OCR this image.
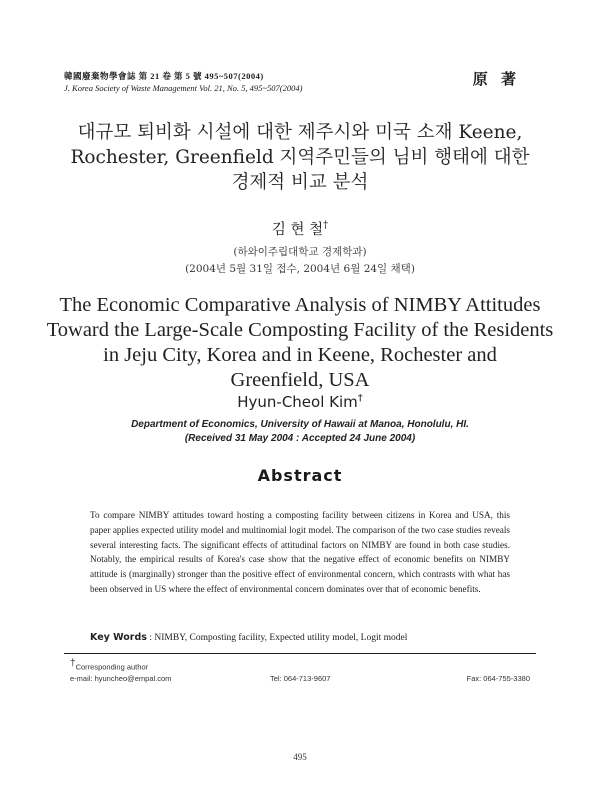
韓國廢棄物學會誌 第 21 卷 第 5 號 495~507(2004)
J. Korea Society of Waste Management Vol. 21, No. 5, 495~507(2004)	原 著
대규모 퇴비화 시설에 대한 제주시와 미국 소재 Keene,
Rochester, Greenfield 지역주민들의 님비 행태에 대한
경제적 비교 분석
김 현 철†
(하와이주립대학교 경제학과)
(2004년 5월 31일 접수, 2004년 6월 24일 채택)
The Economic Comparative Analysis of NIMBY Attitudes
Toward the Large-Scale Composting Facility of the Residents
in Jeju City, Korea and in Keene, Rochester and
Greenfield, USA
Hyun-Cheol Kim†
Department of Economics, University of Hawaii at Manoa, Honolulu, HI.
(Received 31 May 2004 : Accepted 24 June 2004)
Abstract
To compare NIMBY attitudes toward hosting a composting facility between citizens in Korea and USA, this paper applies expected utility model and multinomial logit model. The comparison of the two case studies reveals several interesting facts. The significant effects of attitudinal factors on NIMBY are found in both case studies. Notably, the empirical results of Korea's case show that the negative effect of economic benefits on NIMBY attitude is (marginally) stronger than the positive effect of environmental concern, which contrasts with what has been observed in US where the effect of environmental concern dominates over that of economic benefits.
Key Words : NIMBY, Composting facility, Expected utility model, Logit model
†Corresponding author
e-mail: hyuncheo@empal.com	Tel: 064-713-9607	Fax: 064-755-3380
495
